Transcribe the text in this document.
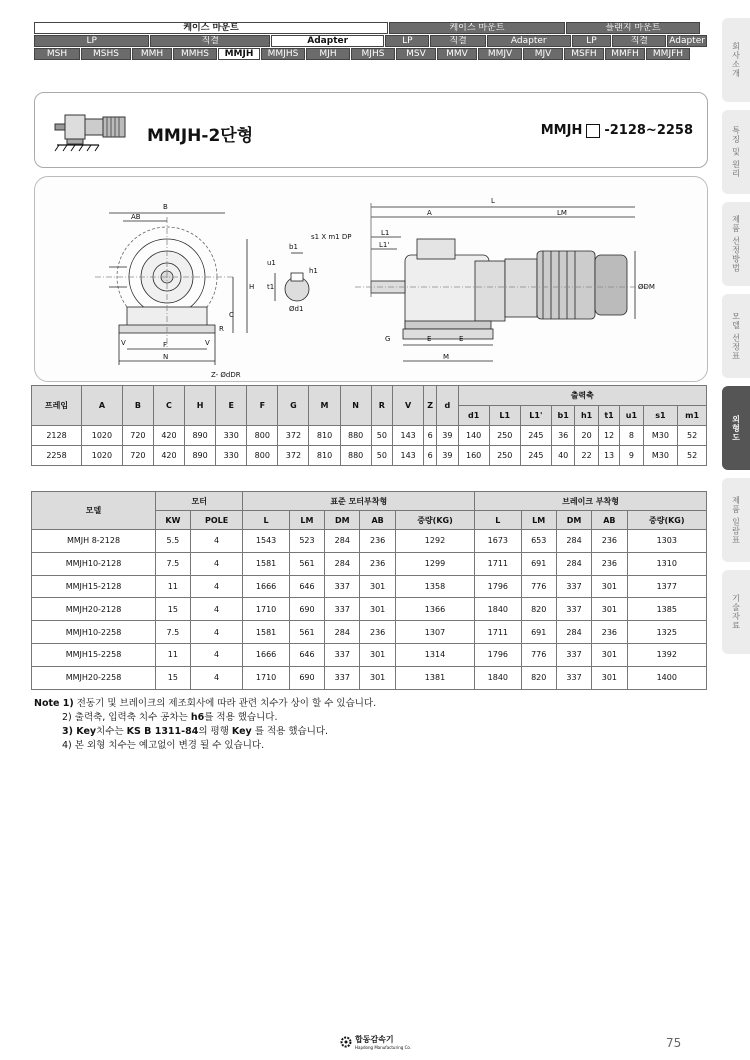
케이스 마운트	케이스 마운트	플랜지 마운트
LP	직결	Adapter	LP	직결	Adapter	LP	직결	Adapter
MSH	MSHS	MMH	MMHS	MMJH	MMJHS	MJH	MJHS	MSV	MMV	MMJV	MJV	MSFH	MMFH	MMJFH	회사소개
특징 및 원리
제품 선정방법
모델 선정표
외형도
제품 일람표
기술자료
MMJH-2단형	MMJH -2128~2258
B
AB
H
C
R
V	V
F
N
Z- ØdDR
s1 X m1 DP
b1
u1
t1
h1
Ød1
L
A	LM
L1
L1'
ØDM
G	E	E
M
프레임	A	B	C	H	E	F	G	M	N	R	V	Z	d	출력축								
														d1	L1	L1'	b1	h1	t1	u1	s1	m1
2128	1020	720	420	890	330	800	372	810	880	50	143	6	39	140	250	245	36	20	12	8	M30	52
2258	1020	720	420	890	330	800	372	810	880	50	143	6	39	160	250	245	40	22	13	9	M30	52
모델	모터		표준 모터부착형					브레이크 부착형				
	KW	POLE	L	LM	DM	AB	중량(KG)	L	LM	DM	AB	중량(KG)
MMJH 8-2128	5.5	4	1543	523	284	236	1292	1673	653	284	236	1303
MMJH10-2128	7.5	4	1581	561	284	236	1299	1711	691	284	236	1310
MMJH15-2128	11	4	1666	646	337	301	1358	1796	776	337	301	1377
MMJH20-2128	15	4	1710	690	337	301	1366	1840	820	337	301	1385
MMJH10-2258	7.5	4	1581	561	284	236	1307	1711	691	284	236	1325
MMJH15-2258	11	4	1666	646	337	301	1314	1796	776	337	301	1392
MMJH20-2258	15	4	1710	690	337	301	1381	1840	820	337	301	1400
Note 1) 전동기 및 브레이크의 제조회사에 따라 관련 치수가 상이 할 수 있습니다.
2) 출력축, 입력축 치수 공차는 h6를 적용 했습니다.
3) Key치수는 KS B 1311-84의 평행 Key 를 적용 했습니다.
4) 본 외형 치수는 예고없이 변경 될 수 있습니다.
합동감속기
Hapdong Manufacturing Co.	75
